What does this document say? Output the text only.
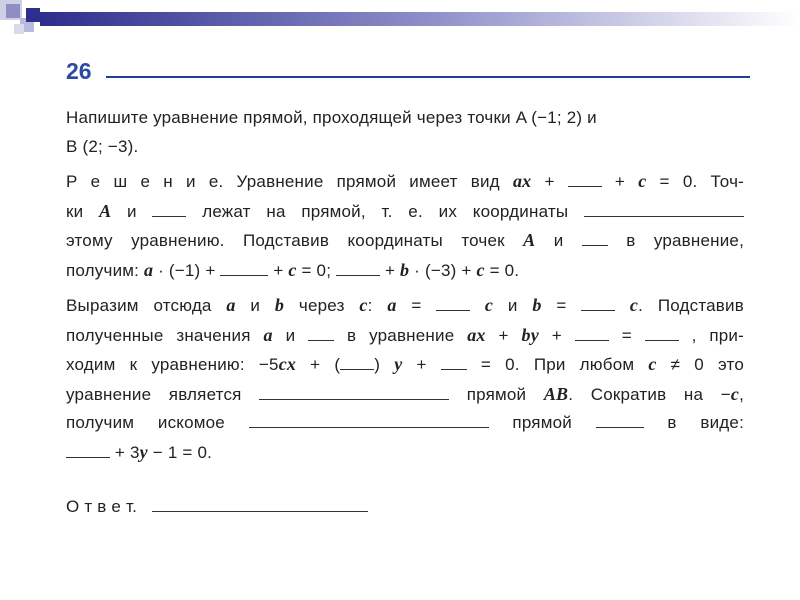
26
Напишите уравнение прямой, проходящей через точки A (−1; 2) и
B (2; −3).
Р е ш е н и е. Уравнение прямой имеет вид ax +  + c = 0. Точ-
ки A и  лежат на прямой, т. е. их координаты
этому уравнению. Подставив координаты точек A и  в уравнение,
получим: a · (−1) +	+ c = 0;	+ b · (−3) + c = 0.
Выразим отсюда a и b через c: a =  c и b =  c. Подставив
полученные значения a и  в уравнение ax + by +  =  , при-
ходим к уравнению: −5cx + ( ) y +  = 0. При любом c ≠ 0 это
уравнение является	прямой AB. Сократив на −c,
получим искомое	прямой	в виде:
+ 3y − 1 = 0.
О т в е т.
